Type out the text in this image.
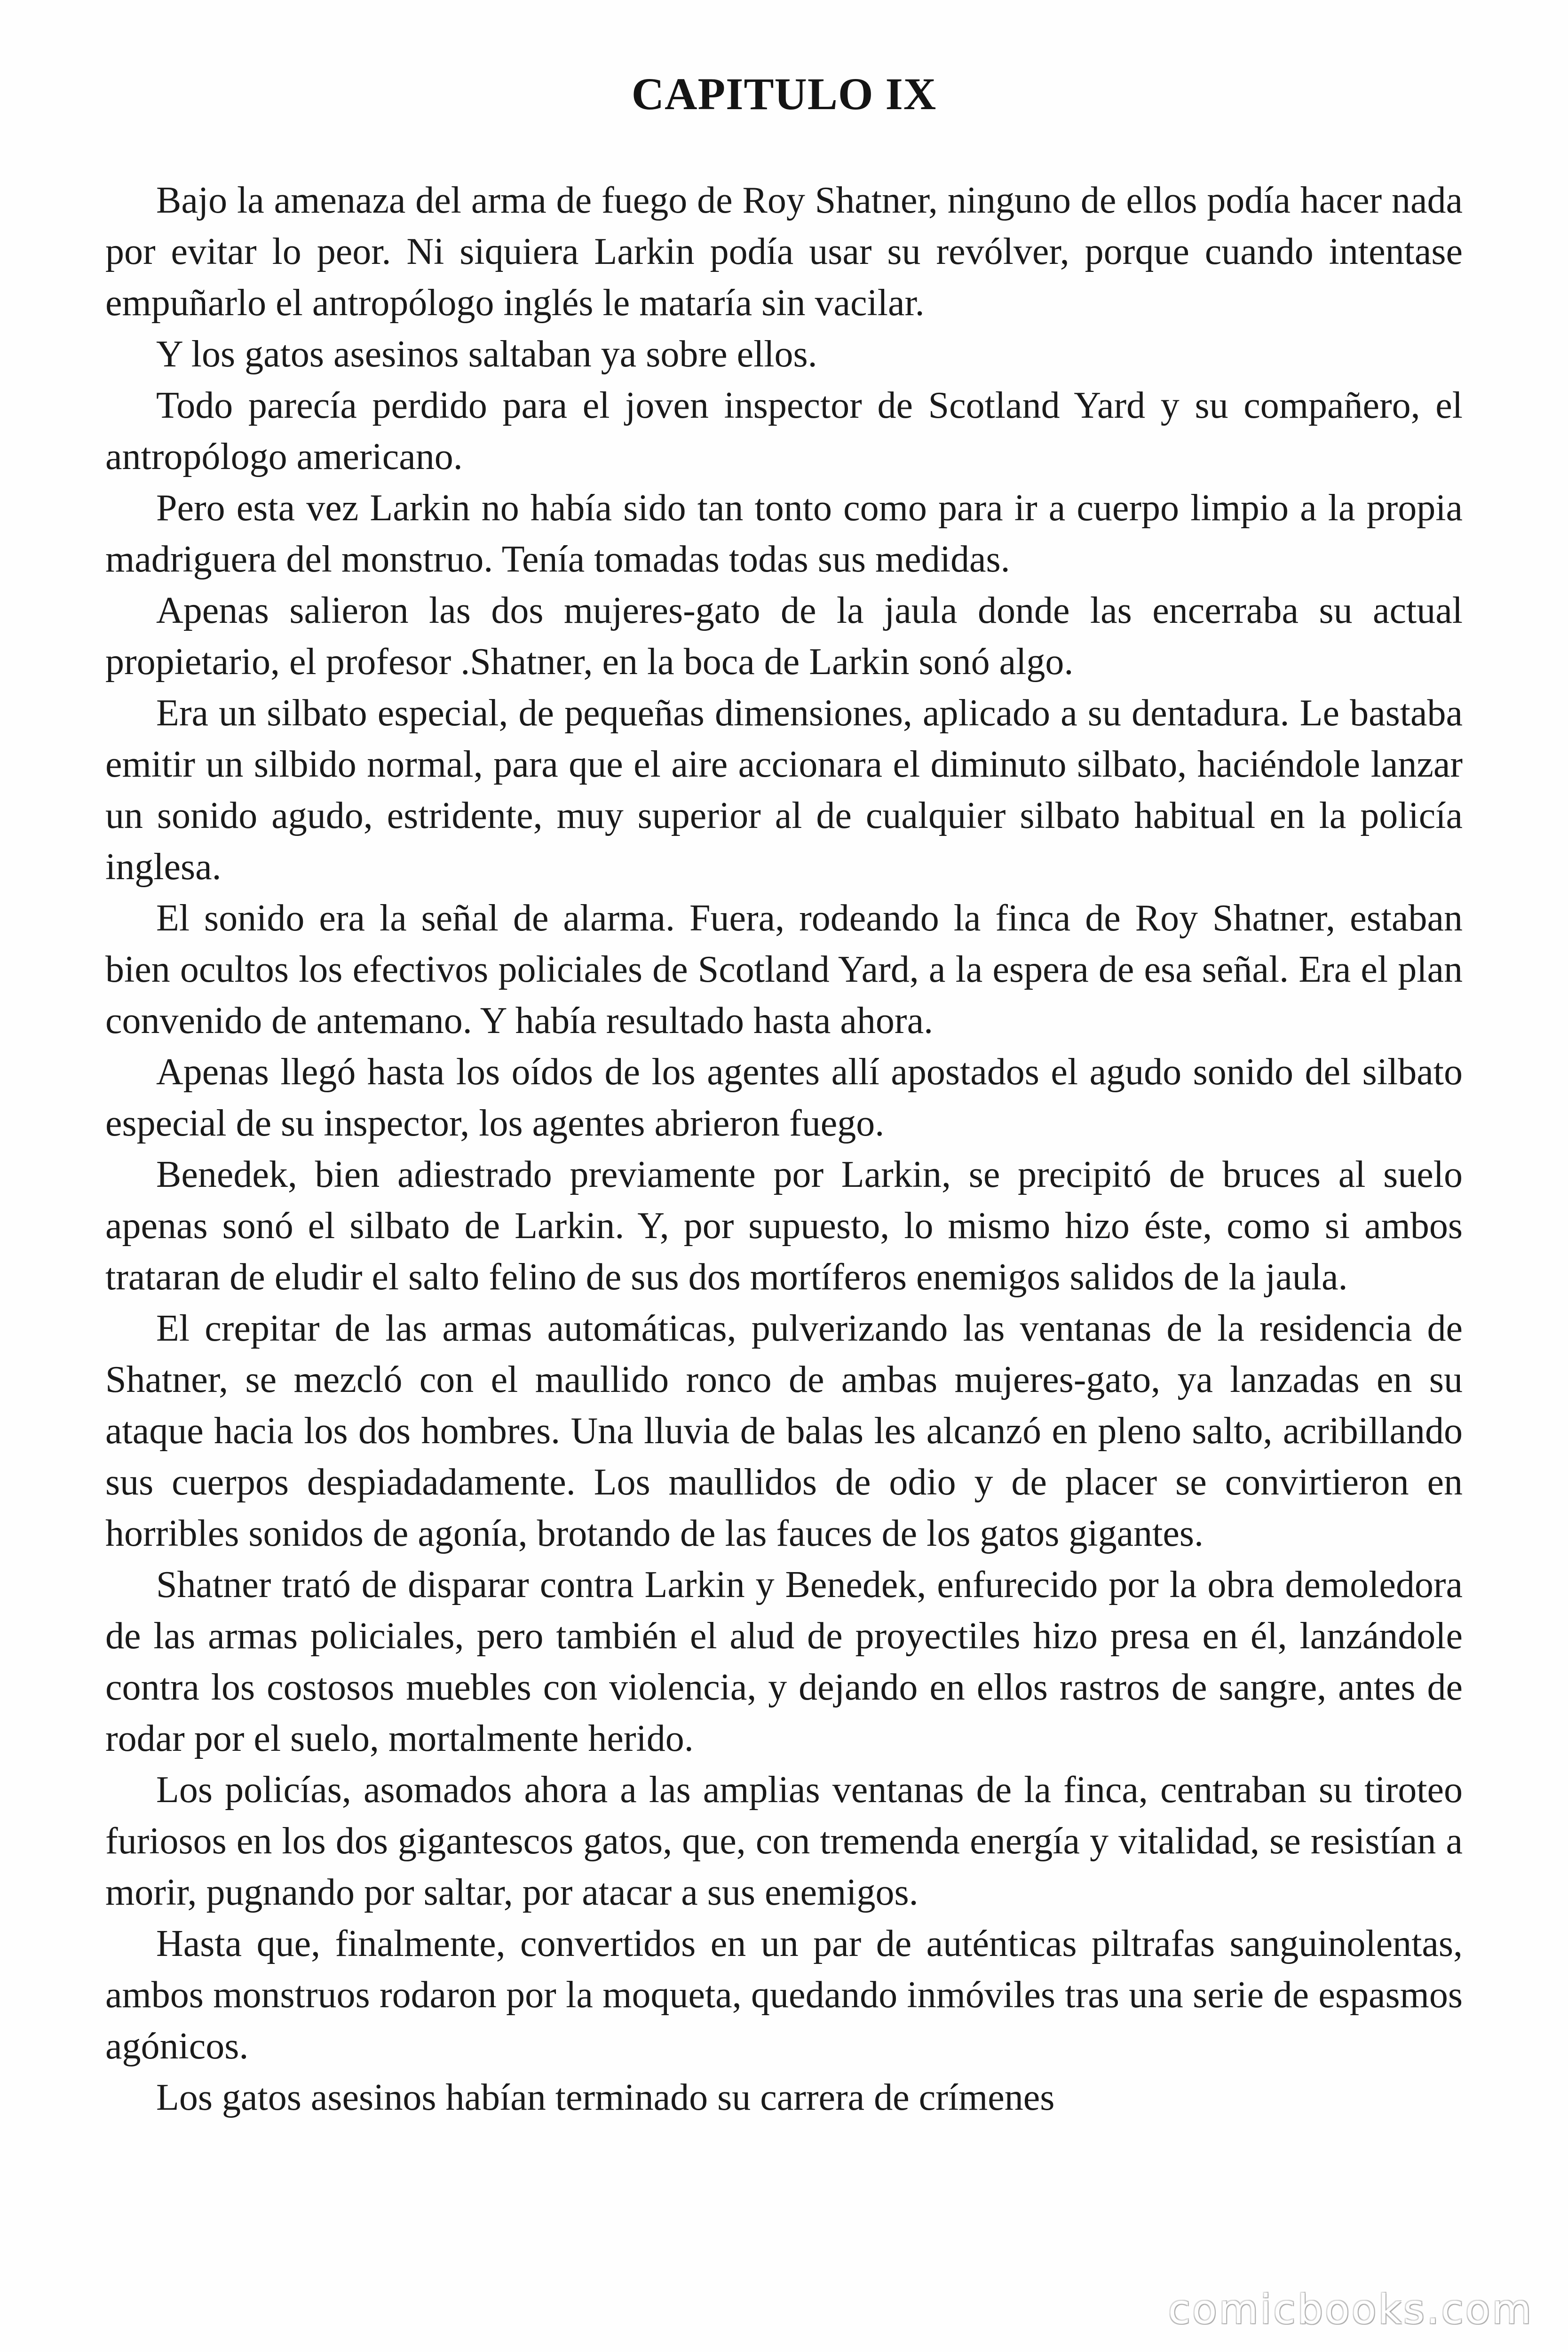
CAPITULO IX

Bajo la amenaza del arma de fuego de Roy Shatner, ninguno de ellos podía hacer nada por evitar lo peor. Ni siquiera Larkin podía usar su revólver, porque cuando intentase empuñarlo el antropólogo inglés le mataría sin vacilar.

Y los gatos asesinos saltaban ya sobre ellos.

Todo parecía perdido para el joven inspector de Scotland Yard y su compañero, el antropólogo americano.

Pero esta vez Larkin no había sido tan tonto como para ir a cuerpo limpio a la propia madriguera del monstruo. Tenía tomadas todas sus medidas.

Apenas salieron las dos mujeres-gato de la jaula donde las encerraba su actual propietario, el profesor .Shatner, en la boca de Larkin sonó algo.

Era un silbato especial, de pequeñas dimensiones, aplicado a su dentadura. Le bastaba emitir un silbido normal, para que el aire accionara el diminuto silbato, haciéndole lanzar un sonido agudo, estridente, muy superior al de cualquier silbato habitual en la policía inglesa.

El sonido era la señal de alarma. Fuera, rodeando la finca de Roy Shatner, estaban bien ocultos los efectivos policiales de Scotland Yard, a la espera de esa señal. Era el plan convenido de antemano. Y había resultado hasta ahora.

Apenas llegó hasta los oídos de los agentes allí apostados el agudo sonido del silbato especial de su inspector, los agentes abrieron fuego.

Benedek, bien adiestrado previamente por Larkin, se precipitó de bruces al suelo apenas sonó el silbato de Larkin. Y, por supuesto, lo mismo hizo éste, como si ambos trataran de eludir el salto felino de sus dos mortíferos enemigos salidos de la jaula.

El crepitar de las armas automáticas, pulverizando las ventanas de la residencia de Shatner, se mezcló con el maullido ronco de ambas mujeres-gato, ya lanzadas en su ataque hacia los dos hombres. Una lluvia de balas les alcanzó en pleno salto, acribillando sus cuerpos despiadadamente. Los maullidos de odio y de placer se convirtieron en horribles sonidos de agonía, brotando de las fauces de los gatos gigantes.

Shatner trató de disparar contra Larkin y Benedek, enfurecido por la obra demoledora de las armas policiales, pero también el alud de proyectiles hizo presa en él, lanzándole contra los costosos muebles con violencia, y dejando en ellos rastros de sangre, antes de rodar por el suelo, mortalmente herido.

Los policías, asomados ahora a las amplias ventanas de la finca, centraban su tiroteo furiosos en los dos gigantescos gatos, que, con tremenda energía y vitalidad, se resistían a morir, pugnando por saltar, por atacar a sus enemigos.

Hasta que, finalmente, convertidos en un par de auténticas piltrafas sanguinolentas, ambos monstruos rodaron por la moqueta, quedando inmóviles tras una serie de espasmos agónicos.

Los gatos asesinos habían terminado su carrera de crímenes

comicbooks.com
